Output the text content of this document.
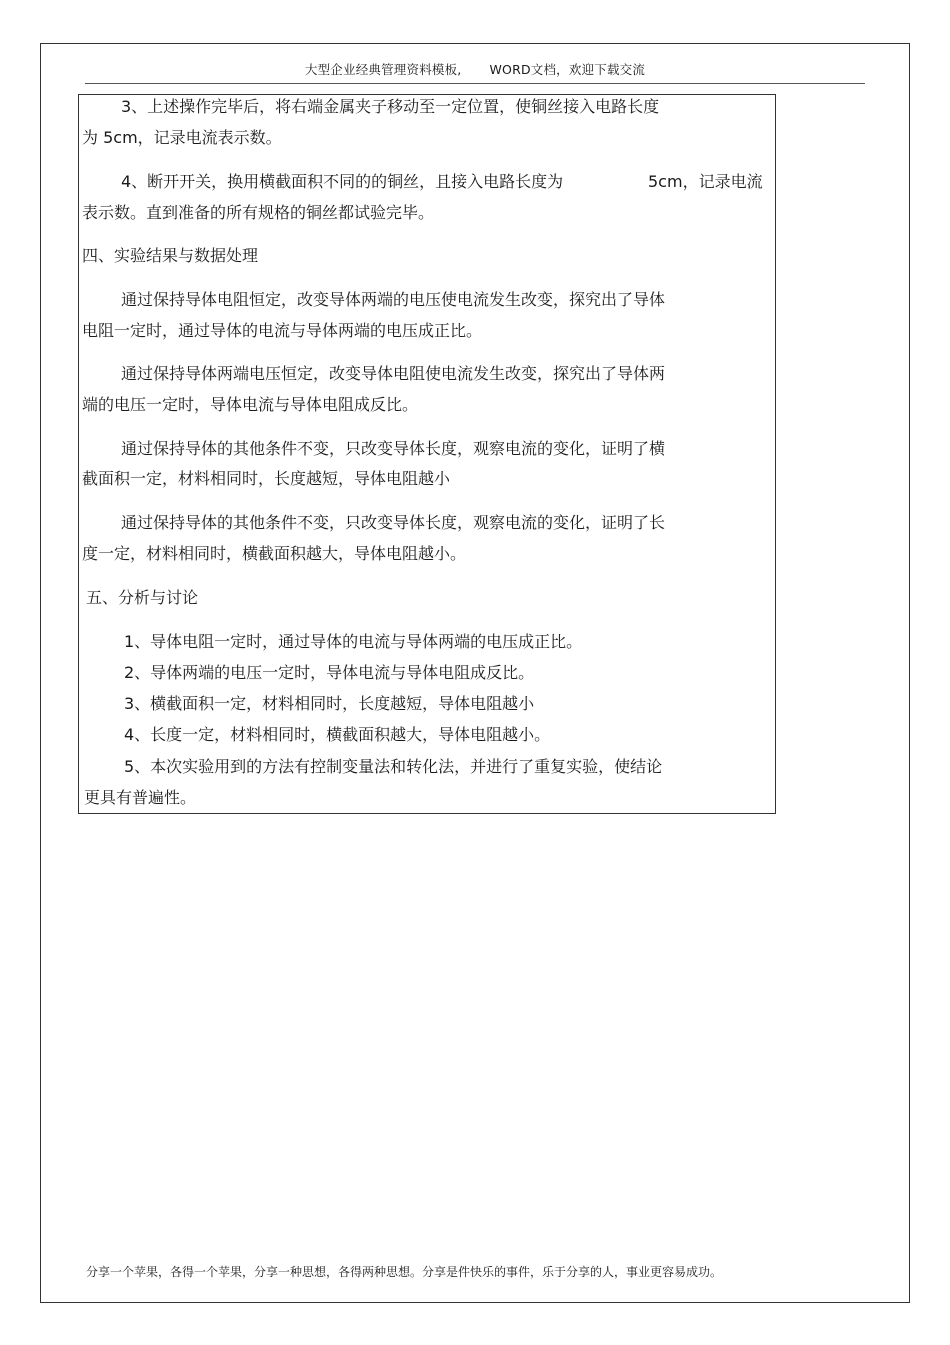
大型企业经典管理资料模板, WORD文档，欢迎下载交流
3、上述操作完毕后，将右端金属夹子移动至一定位置，使铜丝接入电路长度
为 5cm，记录电流表示数。
4、断开开关，换用横截面积不同的的铜丝，且接入电路长度为	5cm，记录电流
表示数。直到准备的所有规格的铜丝都试验完毕。
四、实验结果与数据处理
通过保持导体电阻恒定，改变导体两端的电压使电流发生改变，探究出了导体
电阻一定时，通过导体的电流与导体两端的电压成正比。
通过保持导体两端电压恒定，改变导体电阻使电流发生改变，探究出了导体两
端的电压一定时，导体电流与导体电阻成反比。
通过保持导体的其他条件不变，只改变导体长度，观察电流的变化，证明了横
截面积一定，材料相同时，长度越短，导体电阻越小
通过保持导体的其他条件不变，只改变导体长度，观察电流的变化，证明了长
度一定，材料相同时，横截面积越大，导体电阻越小。
五、分析与讨论
1、导体电阻一定时，通过导体的电流与导体两端的电压成正比。
2、导体两端的电压一定时，导体电流与导体电阻成反比。
3、横截面积一定，材料相同时，长度越短，导体电阻越小
4、长度一定，材料相同时，横截面积越大，导体电阻越小。
5、本次实验用到的方法有控制变量法和转化法，并进行了重复实验，使结论
更具有普遍性。
分享一个苹果，各得一个苹果，分享一种思想，各得两种思想。分享是件快乐的事件，乐于分享的人，事业更容易成功。
